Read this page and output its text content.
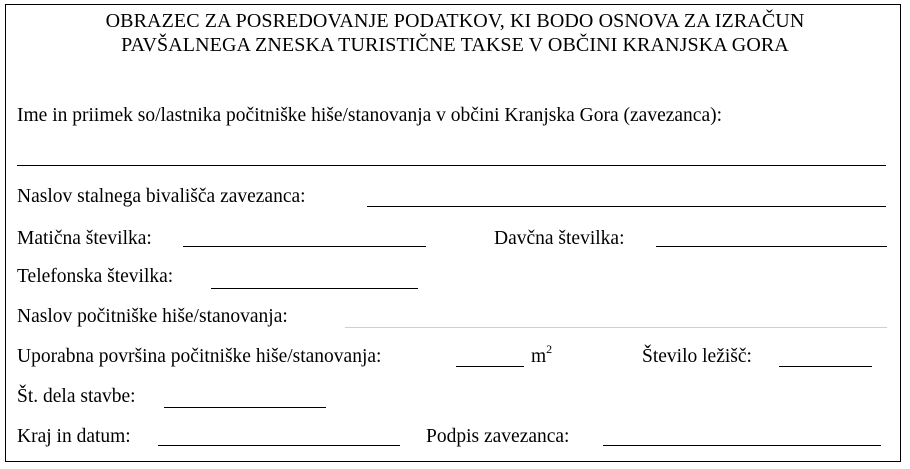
OBRAZEC ZA POSREDOVANJE PODATKOV, KI BODO OSNOVA ZA IZRAČUN
PAVŠALNEGA ZNESKA TURISTIČNE TAKSE V OBČINI KRANJSKA GORA
Ime in priimek so/lastnika počitniške hiše/stanovanja v občini Kranjska Gora (zavezanca):
Naslov stalnega bivališča zavezanca:
Matična številka:	Davčna številka:
Telefonska številka:
Naslov počitniške hiše/stanovanja:
Uporabna površina počitniške hiše/stanovanja:	$m^2$	Število ležišč:
Št. dela stavbe:
Kraj in datum:	Podpis zavezanca:
